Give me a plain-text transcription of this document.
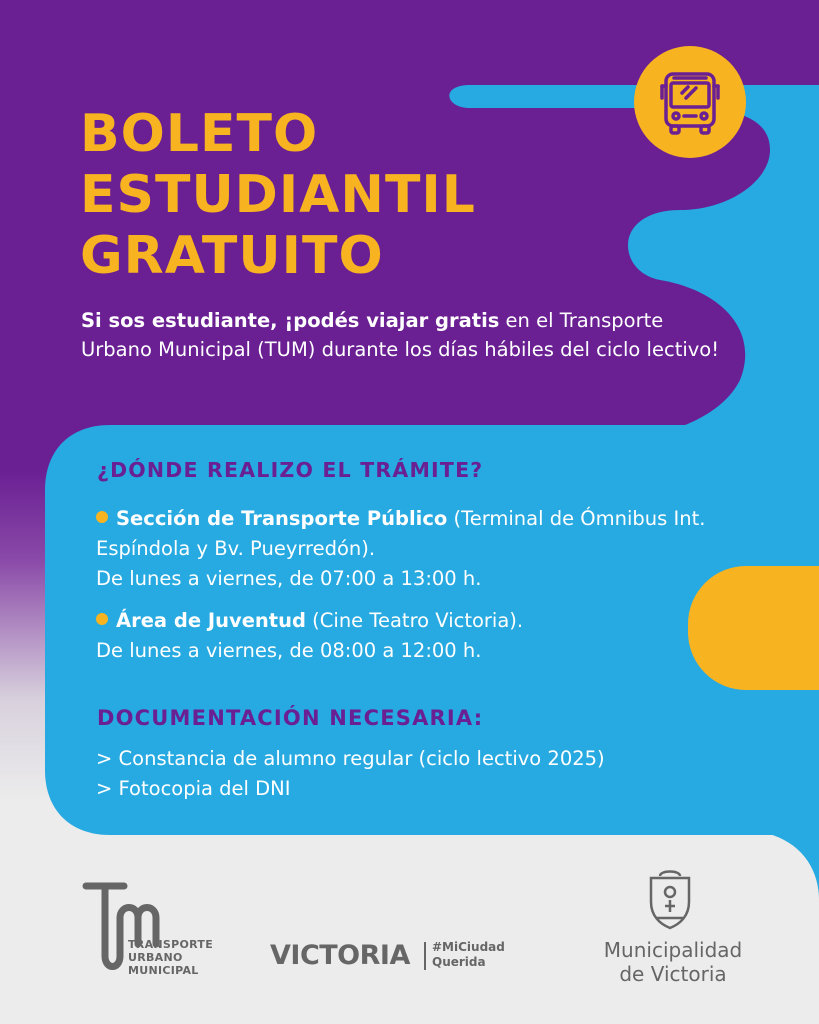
BOLETO
ESTUDIANTIL
GRATUITO

Si sos estudiante, ¡podés viajar gratis en el Transporte Urbano Municipal (TUM) durante los días hábiles del ciclo lectivo!

¿DÓNDE REALIZO EL TRÁMITE?

Sección de Transporte Público (Terminal de Ómnibus Int. Espíndola y Bv. Pueyrredón).

De lunes a viernes, de 07:00 a 13:00 h.

Área de Juventud (Cine Teatro Victoria).

De lunes a viernes, de 08:00 a 12:00 h.

DOCUMENTACIÓN NECESARIA:

> Constancia de alumno regular (ciclo lectivo 2025)

> Fotocopia del DNI

TRANSPORTE
URBANO
MUNICIPAL	VICTORIA #MiCiudad
Querida	Municipalidad
de Victoria
